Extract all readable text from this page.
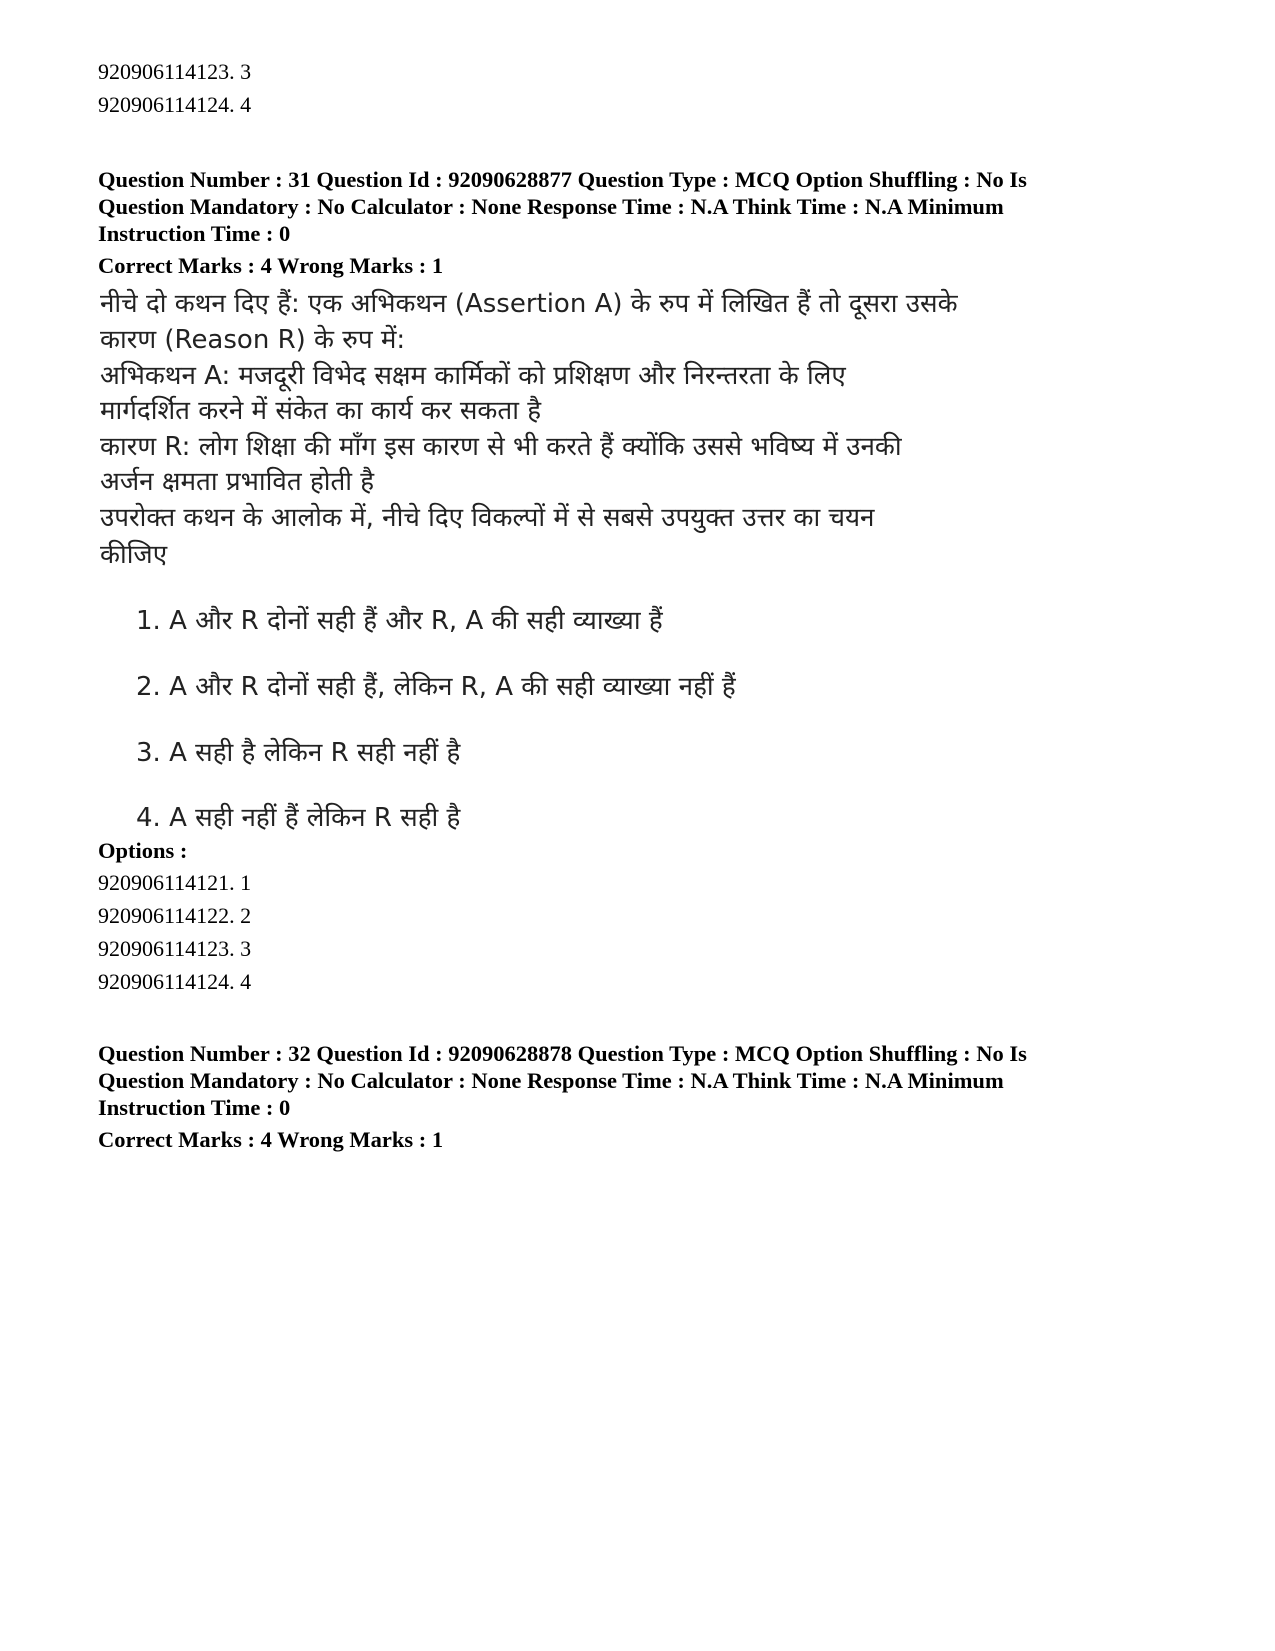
920906114123. 3
920906114124. 4
Question Number : 31 Question Id : 92090628877 Question Type : MCQ Option Shuffling : No Is
Question Mandatory : No Calculator : None Response Time : N.A Think Time : N.A Minimum
Instruction Time : 0
Correct Marks : 4 Wrong Marks : 1
नीचे दो कथन दिए हैं: एक अभिकथन (Assertion A) के रुप में लिखित हैं तो दूसरा उसके
कारण (Reason R) के रुप में:
अभिकथन A: मजदूरी विभेद सक्षम कार्मिकों को प्रशिक्षण और निरन्तरता के लिए
मार्गदर्शित करने में संकेत का कार्य कर सकता है
कारण R: लोग शिक्षा की माँग इस कारण से भी करते हैं क्योंकि उससे भविष्य में उनकी
अर्जन क्षमता प्रभावित होती है
उपरोक्त कथन के आलोक में, नीचे दिए विकल्पों में से सबसे उपयुक्त उत्तर का चयन
कीजिए
1. A और R दोनों सही हैं और R, A की सही व्याख्या हैं
2. A और R दोनों सही हैं, लेकिन R, A की सही व्याख्या नहीं हैं
3. A सही है लेकिन R सही नहीं है
4. A सही नहीं हैं लेकिन R सही है
Options :
920906114121. 1
920906114122. 2
920906114123. 3
920906114124. 4
Question Number : 32 Question Id : 92090628878 Question Type : MCQ Option Shuffling : No Is
Question Mandatory : No Calculator : None Response Time : N.A Think Time : N.A Minimum
Instruction Time : 0
Correct Marks : 4 Wrong Marks : 1
